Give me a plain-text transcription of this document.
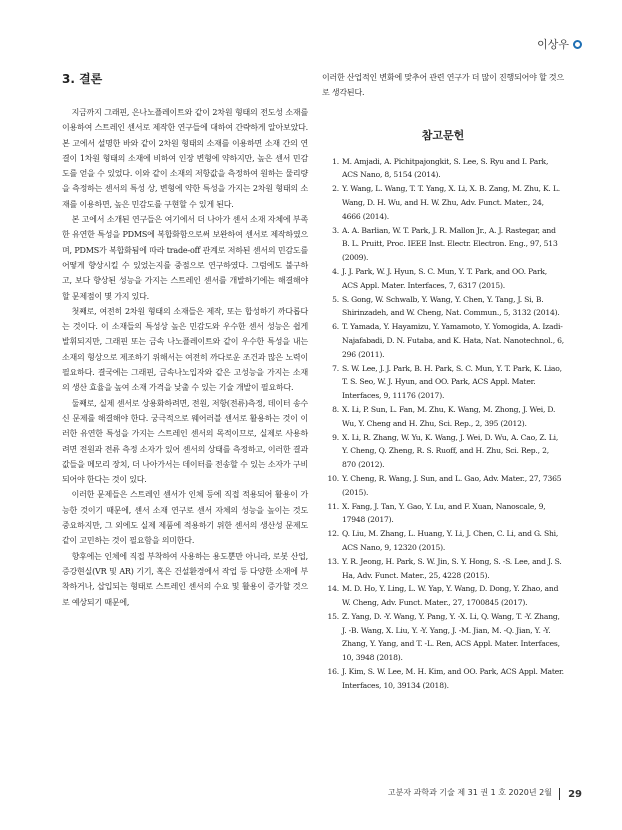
이상우
3. 결론

지금까지 그래핀, 은나노플레이트와 같이 2차원 형태의 전도성 소재를 이용하여 스트레인 센서로 제작한 연구들에 대하여 간략하게 알아보았다. 본 고에서 설명한 바와 같이 2차원 형태의 소재를 이용하면 소재 간의 연결이 1차원 형태의 소재에 비하여 인장 변형에 약하지만, 높은 센서 민감도를 얻을 수 있었다. 이와 같이 소재의 저항값을 측정하여 원하는 물리량을 측정하는 센서의 특성 상, 변형에 약한 특성을 가지는 2차원 형태의 소재를 이용하면, 높은 민감도를 구현할 수 있게 된다.

본 고에서 소개된 연구들은 여기에서 더 나아가 센서 소재 자체에 부족한 유연한 특성을 PDMS에 복합화함으로써 보완하여 센서로 제작하였으며, PDMS가 복합화됨에 따라 trade-off 관계로 저하된 센서의 민감도를 어떻게 향상시킬 수 있었는지를 중점으로 연구하였다. 그럼에도 불구하고, 보다 향상된 성능을 가지는 스트레인 센서를 개발하기에는 해결해야할 문제점이 몇 가지 있다.

첫째로, 여전히 2차원 형태의 소재들은 제작, 또는 합성하기 까다롭다는 것이다. 이 소재들의 특성상 높은 민감도와 우수한 센서 성능은 쉽게 발휘되지만, 그래핀 또는 금속 나노플레이트와 같이 우수한 특성을 내는 소재의 형상으로 제조하기 위해서는 여전히 까다로운 조건과 많은 노력이 필요하다. 결국에는 그래핀, 금속나노입자와 같은 고성능을 가지는 소재의 생산 효율을 높여 소재 가격을 낮출 수 있는 기술 개발이 필요하다.

둘째로, 실제 센서로 상용화하려면, 전원, 저항(전류)측정, 데이터 송수신 문제를 해결해야 한다. 궁극적으로 웨어러블 센서로 활용하는 것이 이러한 유연한 특성을 가지는 스트레인 센서의 목적이므로, 실제로 사용하려면 전원과 전류 측정 소자가 있어 센서의 상태를 측정하고, 이러한 결과 값들을 메모리 장치, 더 나아가서는 데이터를 전송할 수 있는 소자가 구비되어야 한다는 것이 있다.

이러한 문제들은 스트레인 센서가 인체 등에 직접 적용되어 활용이 가능한 것이기 때문에, 센서 소재 연구로 센서 자체의 성능을 높이는 것도 중요하지만, 그 외에도 실제 제품에 적용하기 위한 센서의 생산성 문제도 같이 고민하는 것이 필요함을 의미한다.

향후에는 인체에 직접 부착하여 사용하는 용도뿐만 아니라, 로봇 산업, 증강현실(VR 및 AR) 기기, 혹은 건설환경에서 작업 등 다양한 소재에 부착하거나, 삽입되는 형태로 스트레인 센서의 수요 및 활용이 증가할 것으로 예상되기 때문에,

이러한 산업적인 변화에 맞추어 관련 연구가 더 많이 진행되어야 할 것으로 생각된다.

참고문헌
1. M. Amjadi, A. Pichitpajongkit, S. Lee, S. Ryu and I. Park, ACS Nano, 8, 5154 (2014).
2. Y. Wang, L. Wang, T. T. Yang, X. Li, X. B. Zang, M. Zhu, K. L. Wang, D. H. Wu, and H. W. Zhu, Adv. Funct. Mater., 24, 4666 (2014).
3. A. A. Barlian, W. T. Park, J. R. Mallon Jr., A. J. Rastegar, and B. L. Pruitt, Proc. IEEE Inst. Electr. Electron. Eng., 97, 513 (2009).
4. J. J. Park, W. J. Hyun, S. C. Mun, Y. T. Park, and OO. Park, ACS Appl. Mater. Interfaces, 7, 6317 (2015).
5. S. Gong, W. Schwalb, Y. Wang, Y. Chen, Y. Tang, J. Si, B. Shirinzadeh, and W. Cheng, Nat. Commun., 5, 3132 (2014).
6. T. Yamada, Y. Hayamizu, Y. Yamamoto, Y. Yomogida, A. Izadi-Najafabadi, D. N. Futaba, and K. Hata, Nat. Nanotechnol., 6, 296 (2011).
7. S. W. Lee, J. J. Park, B. H. Park, S. C. Mun, Y. T. Park, K. Liao, T. S. Seo, W. J. Hyun, and OO. Park, ACS Appl. Mater. Interfaces, 9, 11176 (2017).
8. X. Li, P. Sun, L. Fan, M. Zhu, K. Wang, M. Zhong, J. Wei, D. Wu, Y. Cheng and H. Zhu, Sci. Rep., 2, 395 (2012).
9. X. Li, R. Zhang, W. Yu, K. Wang, J. Wei, D. Wu, A. Cao, Z. Li, Y. Cheng, Q. Zheng, R. S. Ruoff, and H. Zhu, Sci. Rep., 2, 870 (2012).
10. Y. Cheng, R. Wang, J. Sun, and L. Gao, Adv. Mater., 27, 7365 (2015).
11. X. Fang, J. Tan, Y. Gao, Y. Lu, and F. Xuan, Nanoscale, 9, 17948 (2017).
12. Q. Liu, M. Zhang, L. Huang, Y. Li, J. Chen, C. Li, and G. Shi, ACS Nano, 9, 12320 (2015).
13. Y. R. Jeong, H. Park, S. W. Jin, S. Y. Hong, S. -S. Lee, and J. S. Ha, Adv. Funct. Mater., 25, 4228 (2015).
14. M. D. Ho, Y. Ling, L. W. Yap, Y. Wang, D. Dong, Y. Zhao, and W. Cheng, Adv. Funct. Mater., 27, 1700845 (2017).
15. Z. Yang, D. -Y. Wang, Y. Pang, Y. -X. Li, Q. Wang, T. -Y. Zhang, J. -B. Wang, X. Liu, Y. -Y. Yang, J. -M. Jian, M. -Q. Jian, Y. -Y. Zhang, Y. Yang, and T. -L. Ren, ACS Appl. Mater. Interfaces, 10, 3948 (2018).
16. J. Kim, S. W. Lee, M. H. Kim, and OO. Park, ACS Appl. Mater. Interfaces, 10, 39134 (2018).
고분자 과학과 기술 제 31 권 1 호 2020년 2월 29
